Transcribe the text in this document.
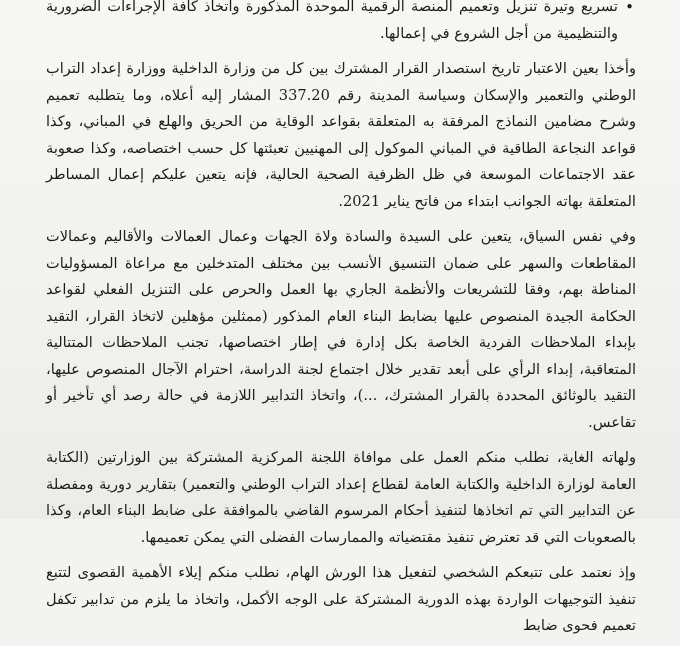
•
تسريع وتيرة تنزيل وتعميم المنصة الرقمية الموحدة المذكورة واتخاذ كافة الإجراءات الضرورية والتنظيمية من أجل الشروع في إعمالها.

وأخذا بعين الاعتبار تاريخ استصدار القرار المشترك بين كل من وزارة الداخلية ووزارة إعداد التراب الوطني والتعمير والإسكان وسياسة المدينة رقم 337.20 المشار إليه أعلاه، وما يتطلبه تعميم وشرح مضامين النماذج المرفقة به المتعلقة بقواعد الوقاية من الحريق والهلع في المباني، وكذا قواعد النجاعة الطاقية في المباني الموكول إلى المهنيين تعبئتها كل حسب اختصاصه، وكذا صعوبة عقد الاجتماعات الموسعة في ظل الظرفية الصحية الحالية، فإنه يتعين عليكم إعمال المساطر المتعلقة بهاته الجوانب ابتداء من فاتح يناير 2021.

وفي نفس السياق، يتعين على السيدة والسادة ولاة الجهات وعمال العمالات والأقاليم وعمالات المقاطعات والسهر على ضمان التنسيق الأنسب بين مختلف المتدخلين مع مراعاة المسؤوليات المناطة بهم، وفقا للتشريعات والأنظمة الجاري بها العمل والحرص على التنزيل الفعلي لقواعد الحكامة الجيدة المنصوص عليها بضابط البناء العام المذكور (ممثلين مؤهلين لاتخاذ القرار، التقيد بإبداء الملاحظات الفردية الخاصة بكل إدارة في إطار اختصاصها، تجنب الملاحظات المتتالية المتعاقبة، إبداء الرأي على أبعد تقدير خلال اجتماع لجنة الدراسة، احترام الآجال المنصوص عليها، التقيد بالوثائق المحددة بالقرار المشترك، ...)، واتخاذ التدابير اللازمة في حالة رصد أي تأخير أو تقاعس.

ولهاته الغاية، نطلب منكم العمل على موافاة اللجنة المركزية المشتركة بين الوزارتين (الكتابة العامة لوزارة الداخلية والكتابة العامة لقطاع إعداد التراب الوطني والتعمير) بتقارير دورية ومفصلة عن التدابير التي تم اتخاذها لتنفيذ أحكام المرسوم القاضي بالموافقة على ضابط البناء العام، وكذا بالصعوبات التي قد تعترض تنفيذ مقتضياته والممارسات الفضلى التي يمكن تعميمها.

وإذ نعتمد على تتبعكم الشخصي لتفعيل هذا الورش الهام، نطلب منكم إيلاء الأهمية القصوى لتتبع تنفيذ التوجيهات الواردة بهذه الدورية المشتركة على الوجه الأكمل، واتخاذ ما يلزم من تدابير تكفل تعميم فحوى ضابط
